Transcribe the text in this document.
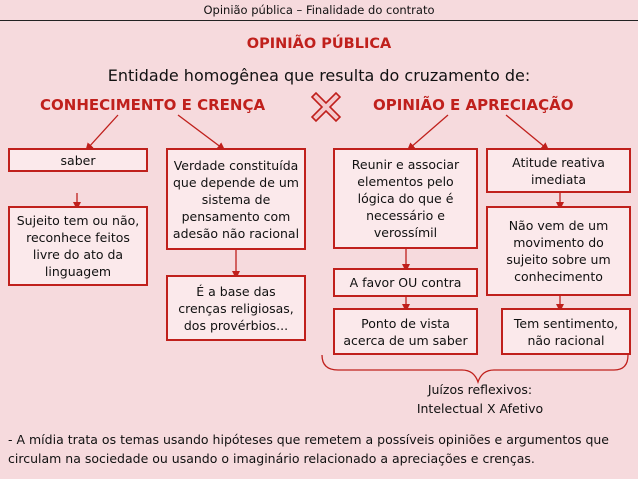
Opinião pública – Finalidade do contrato
OPINIÃO PÚBLICA
Entidade homogênea que resulta do cruzamento de:
CONHECIMENTO E CRENÇA	OPINIÃO E APRECIAÇÃO
saber
Sujeito tem ou não, reconhece feitos livre do ato da linguagem
Verdade constituída que depende de um sistema de pensamento com adesão não racional
É a base das crenças religiosas, dos provérbios...
Reunir e associar elementos pelo lógica do que é necessário e verossímil
A favor OU contra
Ponto de vista acerca de um saber
Atitude reativa imediata
Não vem de um movimento do sujeito sobre um conhecimento
Tem sentimento, não racional
Juízos reflexivos:
Intelectual X Afetivo
- A mídia trata os temas usando hipóteses que remetem a possíveis opiniões e argumentos que circulam na sociedade ou usando o imaginário relacionado a apreciações e crenças.
